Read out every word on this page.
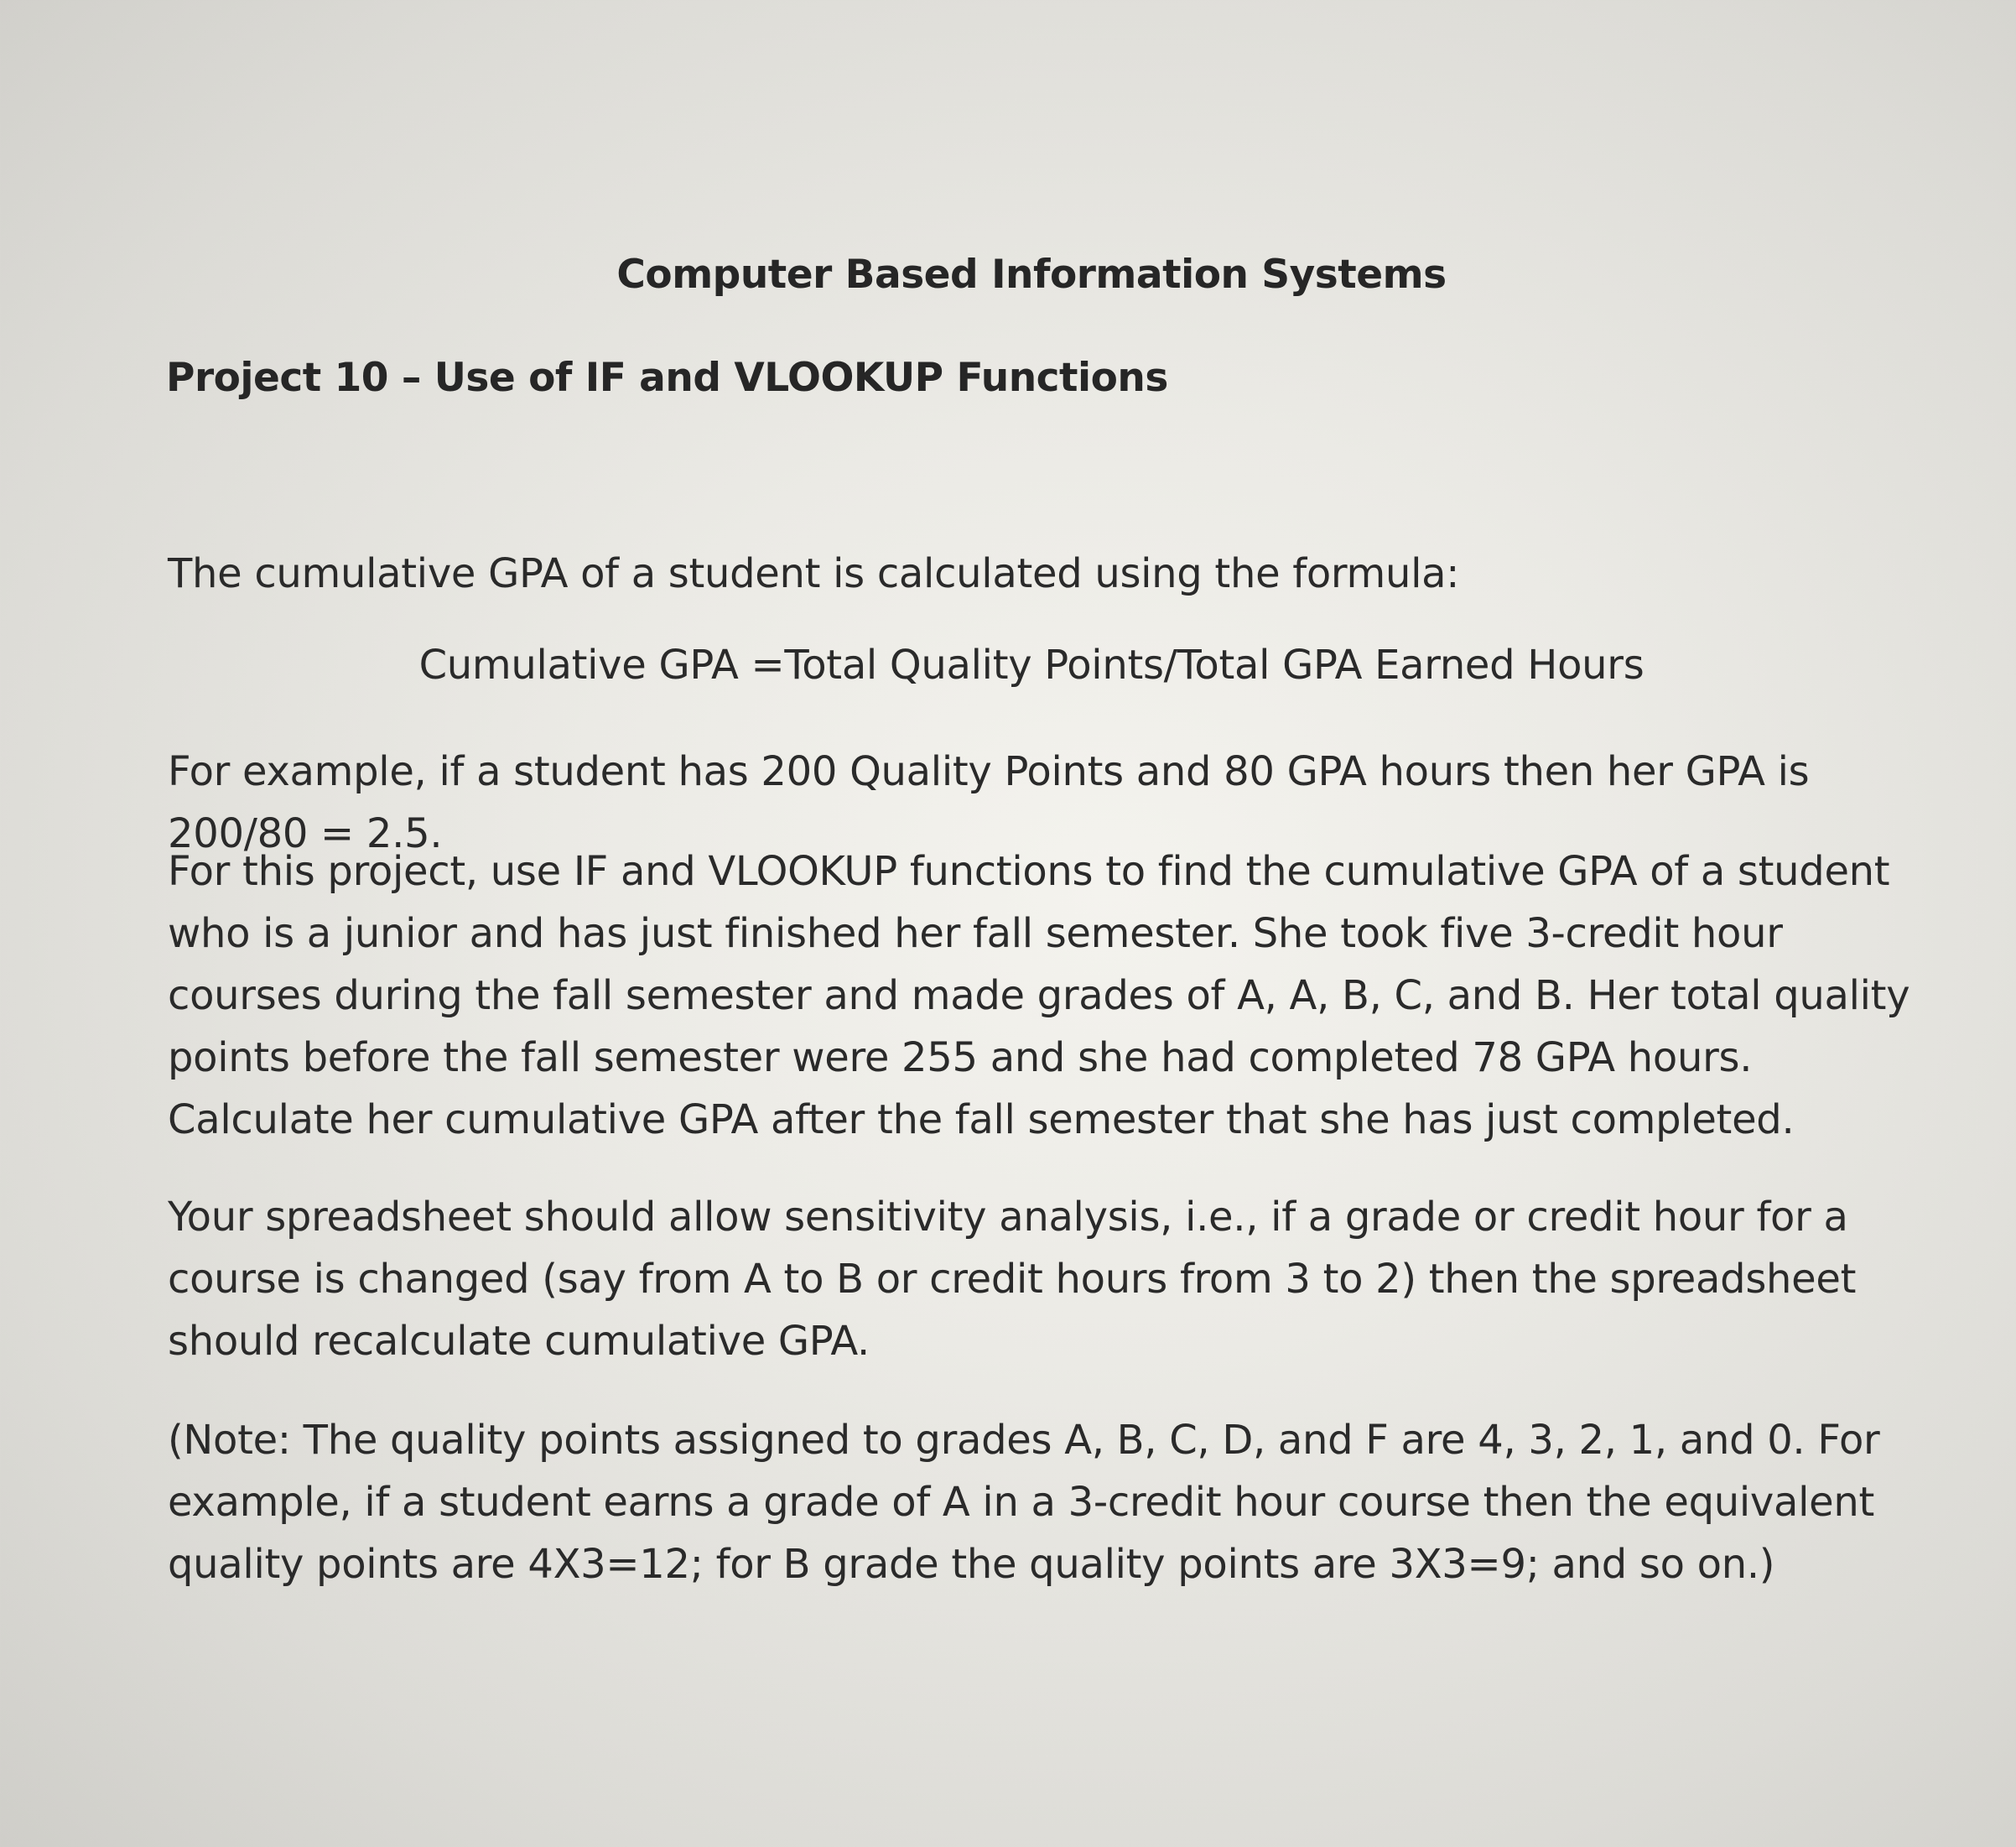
Computer Based Information Systems
Project 10 – Use of IF and VLOOKUP Functions
The cumulative GPA of a student is calculated using the formula:
Cumulative GPA =Total Quality Points/Total GPA Earned Hours
For example, if a student has 200 Quality Points and 80 GPA hours then her GPA is 200/80 = 2.5.
For this project, use IF and VLOOKUP functions to find the cumulative GPA of a student who is a junior and has just finished her fall semester. She took five 3-credit hour courses during the fall semester and made grades of A, A, B, C, and B. Her total quality points before the fall semester were 255 and she had completed 78 GPA hours. Calculate her cumulative GPA after the fall semester that she has just completed.
Your spreadsheet should allow sensitivity analysis, i.e., if a grade or credit hour for a course is changed (say from A to B or credit hours from 3 to 2) then the spreadsheet should recalculate cumulative GPA.
(Note: The quality points assigned to grades A, B, C, D, and F are 4, 3, 2, 1, and 0. For example, if a student earns a grade of A in a 3-credit hour course then the equivalent quality points are 4X3=12; for B grade the quality points are 3X3=9; and so on.)
